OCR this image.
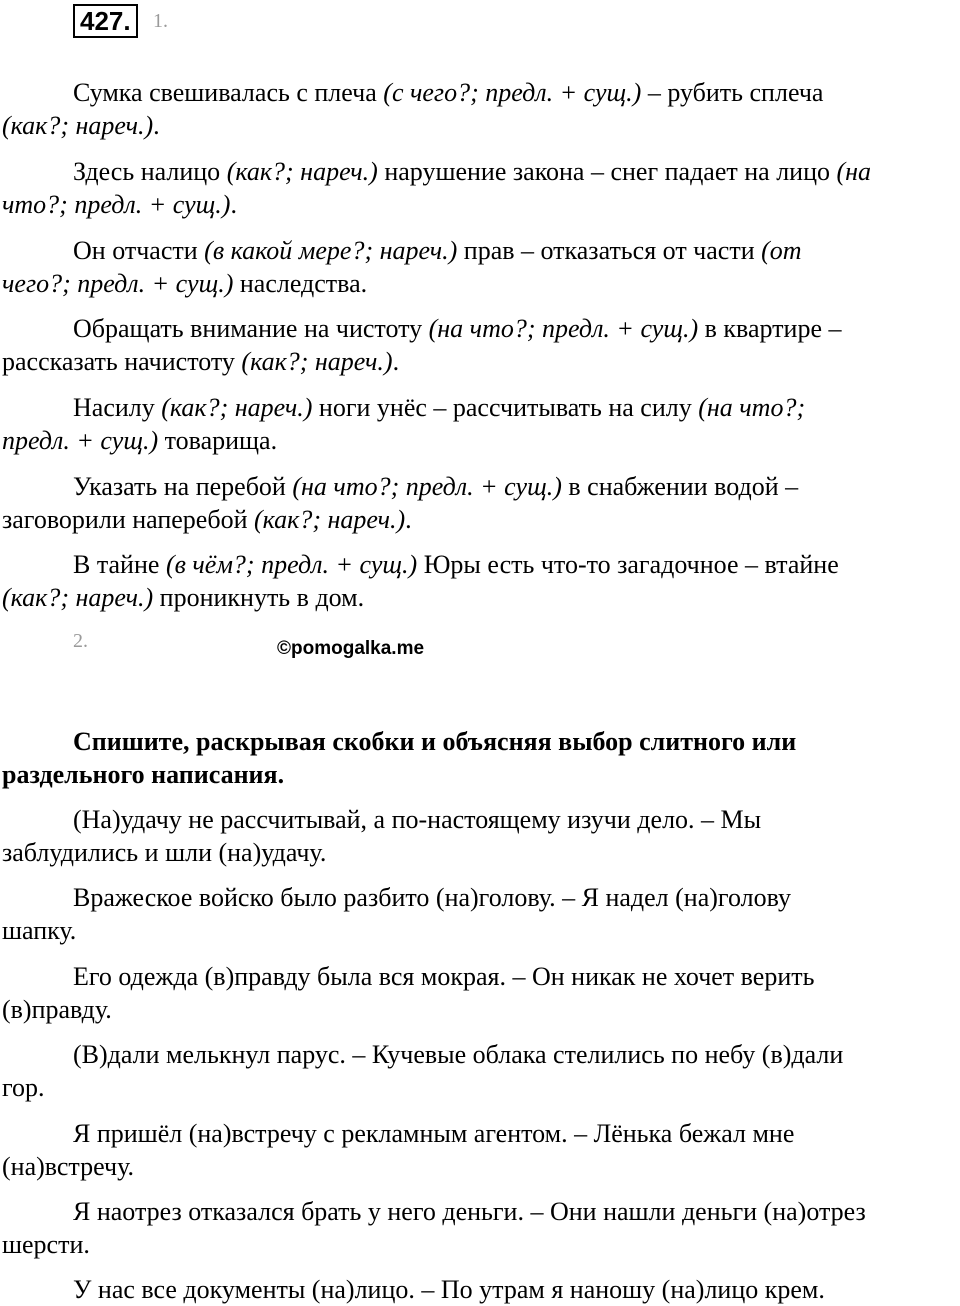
427.	1.
Сумка свешивалась с плеча (с чего?; предл. + сущ.) – рубить сплеча
(как?; нареч.).
Здесь налицо (как?; нареч.) нарушение закона – снег падает на лицо (на
что?; предл. + сущ.).
Он отчасти (в какой мере?; нареч.) прав – отказаться от части (от
чего?; предл. + сущ.) наследства.
Обращать внимание на чистоту (на что?; предл. + сущ.) в квартире –
рассказать начистоту (как?; нареч.).
Насилу (как?; нареч.) ноги унёс – рассчитывать на силу (на что?;
предл. + сущ.) товарища.
Указать на перебой (на что?; предл. + сущ.) в снабжении водой –
заговорили наперебой (как?; нареч.).
В тайне (в чём?; предл. + сущ.) Юры есть что-то загадочное – втайне
(как?; нареч.) проникнуть в дом.
2.	©pomogalka.me
Спишите, раскрывая скобки и объясняя выбор слитного или
раздельного написания.
(На)удачу не рассчитывай, а по-настоящему изучи дело. – Мы
заблудились и шли (на)удачу.
Вражеское войско было разбито (на)голову. – Я надел (на)голову
шапку.
Его одежда (в)правду была вся мокрая. – Он никак не хочет верить
(в)правду.
(В)дали мелькнул парус. – Кучевые облака стелились по небу (в)дали
гор.
Я пришёл (на)встречу с рекламным агентом. – Лёнька бежал мне
(на)встречу.
Я наотрез отказался брать у него деньги. – Они нашли деньги (на)отрез
шерсти.
У нас все документы (на)лицо. – По утрам я наношу (на)лицо крем.
